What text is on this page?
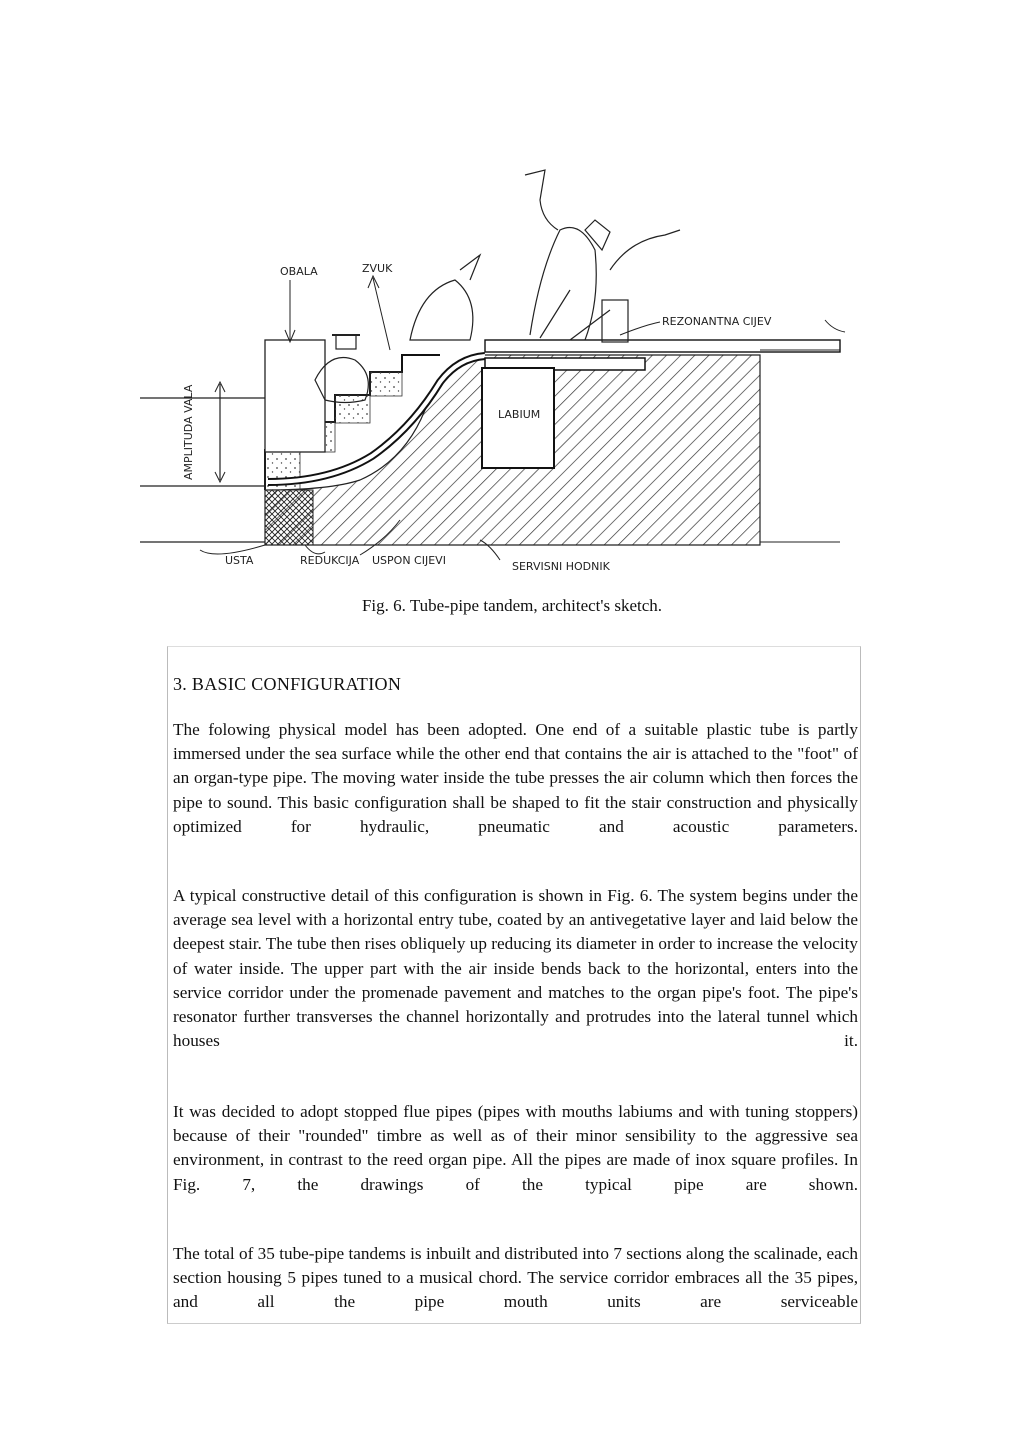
AMPLITUDA VALA	LABIUM
OBALA	ZVUK
REZONANTNA CIJEV
USTA	REDUKCIJA USPON CIJEVI	SERVISNI HODNIK
Fig. 6. Tube-pipe tandem, architect's sketch.
3. BASIC CONFIGURATION
The folowing physical model has been adopted. One end of a suitable plastic tube is partly immersed under the sea surface while the other end that contains the air is attached to the "foot" of an organ-type pipe. The moving water inside the tube presses the air column which then forces the pipe to sound. This basic configuration shall be shaped to fit the stair construction and physically optimized for hydraulic, pneumatic and acoustic parameters.
A typical constructive detail of this configuration is shown in Fig. 6. The system begins under the average sea level with a horizontal entry tube, coated by an antivegetative layer and laid below the deepest stair. The tube then rises obliquely up reducing its diameter in order to increase the velocity of water inside. The upper part with the air inside bends back to the horizontal, enters into the service corridor under the promenade pavement and matches to the organ pipe's foot. The pipe's resonator further transverses the channel horizontally and protrudes into the lateral tunnel which houses it.
It was decided to adopt stopped flue pipes (pipes with mouths labiums and with tuning stoppers) because of their "rounded" timbre as well as of their minor sensibility to the aggressive sea environment, in contrast to the reed organ pipe. All the pipes are made of inox square profiles. In Fig. 7, the drawings of the typical pipe are shown.
The total of 35 tube-pipe tandems is inbuilt and distributed into 7 sections along the scalinade, each section housing 5 pipes tuned to a musical chord. The service corridor embraces all the 35 pipes, and all the pipe mouth units are serviceable
